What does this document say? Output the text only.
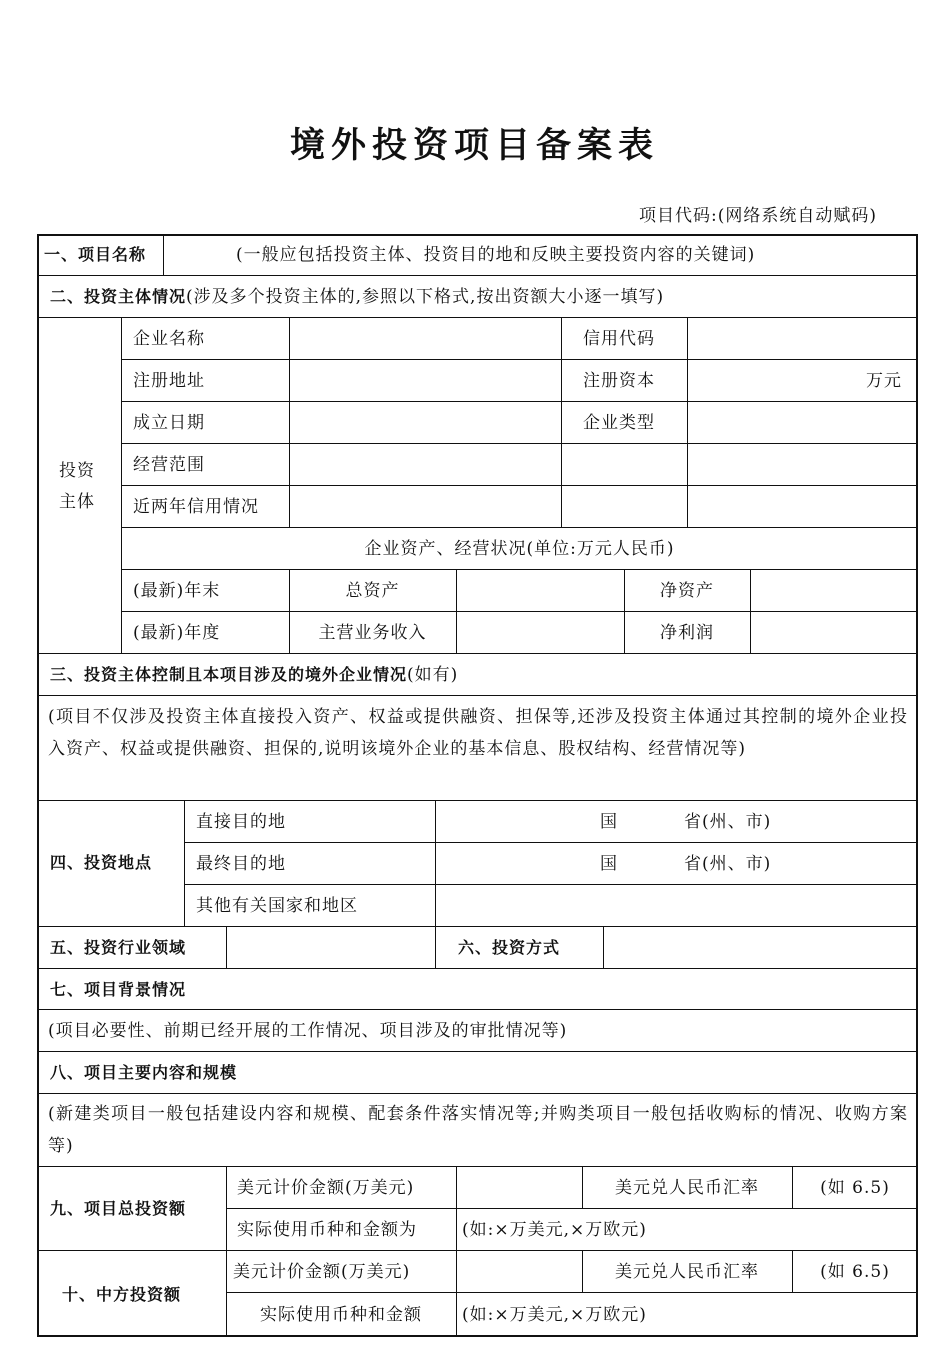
境外投资项目备案表
项目代码:(网络系统自动赋码)
一、项目名称	(一般应包括投资主体、投资目的地和反映主要投资内容的关键词)
二、投资主体情况(涉及多个投资主体的,参照以下格式,按出资额大小逐一填写)
投资
主体
企业名称	信用代码
注册地址	注册资本	万元
成立日期	企业类型
经营范围
近两年信用情况
企业资产、经营状况(单位:万元人民币)
(最新)年末	总资产	净资产
(最新)年度	主营业务收入	净利润
三、投资主体控制且本项目涉及的境外企业情况(如有)
(项目不仅涉及投资主体直接投入资产、权益或提供融资、担保等,还涉及投资主体通过其控制的境外企业投入资产、权益或提供融资、担保的,说明该境外企业的基本信息、股权结构、经营情况等)
四、投资地点
直接目的地	国	省(州、市)
最终目的地	国	省(州、市)
其他有关国家和地区
五、投资行业领域	六、投资方式
七、项目背景情况
(项目必要性、前期已经开展的工作情况、项目涉及的审批情况等)
八、项目主要内容和规模
(新建类项目一般包括建设内容和规模、配套条件落实情况等;并购类项目一般包括收购标的情况、收购方案等)
九、项目总投资额
美元计价金额(万美元)	美元兑人民币汇率	(如 6.5)
实际使用币种和金额为	(如:×万美元,×万欧元)
十、中方投资额
美元计价金额(万美元)	美元兑人民币汇率	(如 6.5)
实际使用币种和金额	(如:×万美元,×万欧元)
